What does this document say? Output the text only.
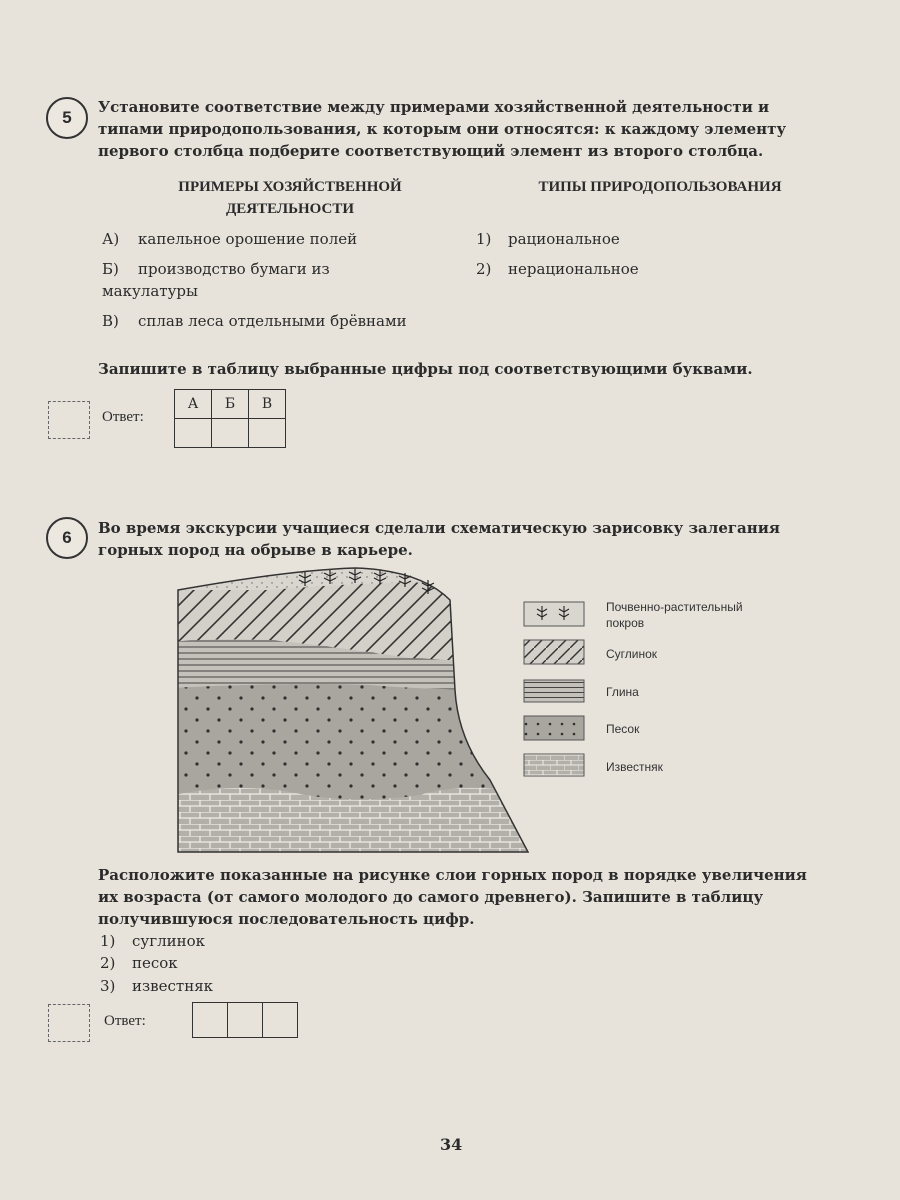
5
Установите соответствие между примерами хозяйственной деятельности и типами природопользования, к которым они относятся: к каждому элементу первого столбца подберите соответствующий элемент из второго столбца.
ПРИМЕРЫ ХОЗЯЙСТВЕННОЙ ДЕЯТЕЛЬНОСТИ
ТИПЫ ПРИРОДОПОЛЬЗОВАНИЯ
А) капельное орошение полей
Б) производство бумаги из макулатуры
В) сплав леса отдельными брёвнами
1) рациональное
2) нерациональное
Запишите в таблицу выбранные цифры под соответствующими буквами.
Ответ:
А	Б	В

6 Во время экскурсии учащиеся сделали схематическую зарисовку залегания горных пород на обрыве в карьере.
Почвенно-растительный покров
Суглинок
Глина
Песок
Известняк
Расположите показанные на рисунке слои горных пород в порядке увеличения их возраста (от самого молодого до самого древнего). Запишите в таблицу получившуюся последовательность цифр.
1) суглинок
2) песок
3) известняк
Ответ:
34
